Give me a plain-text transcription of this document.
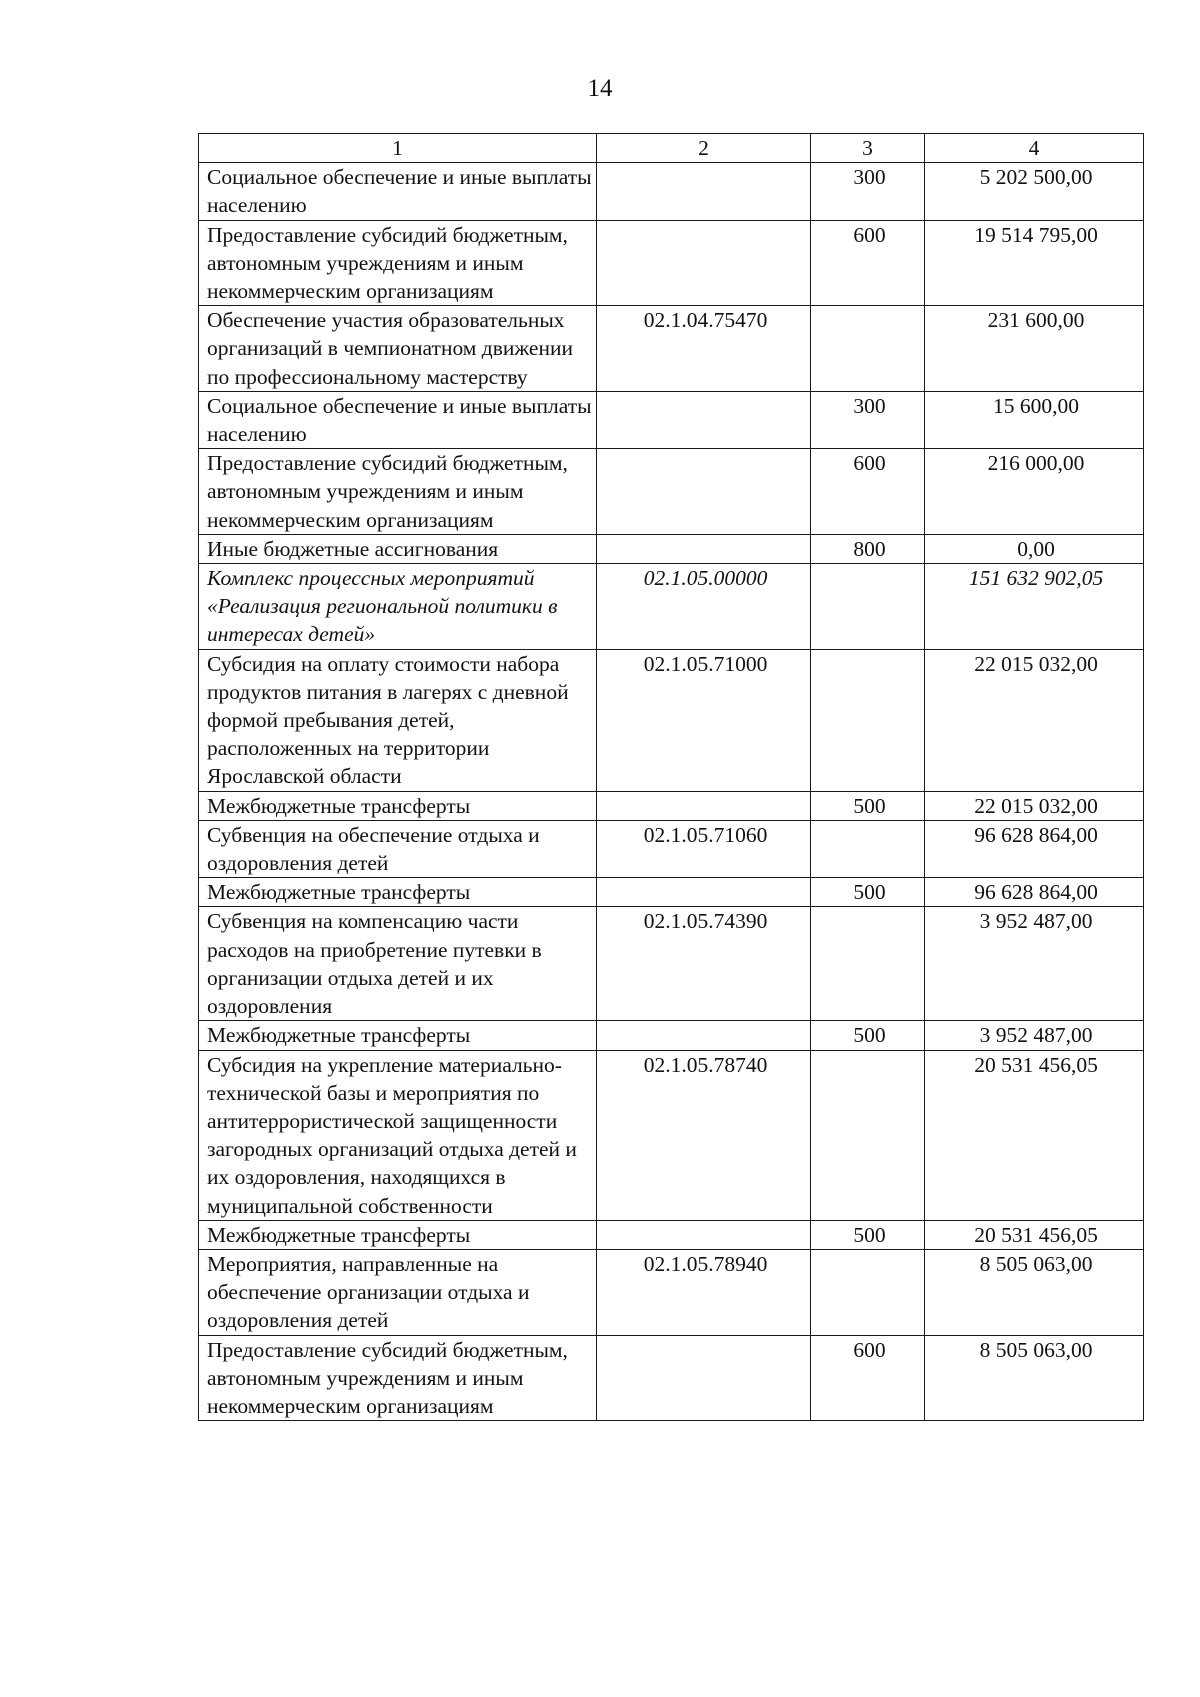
14
1	2	3	4
Социальное обеспечение и иные выплаты населению		300	5 202 500,00
Предоставление субсидий бюджетным, автономным учреждениям и иным некоммерческим организациям		600	19 514 795,00
Обеспечение участия образовательных организаций в чемпионатном движении по профессиональному мастерству	02.1.04.75470		231 600,00
Социальное обеспечение и иные выплаты населению		300	15 600,00
Предоставление субсидий бюджетным, автономным учреждениям и иным некоммерческим организациям		600	216 000,00
Иные бюджетные ассигнования		800	0,00
Комплекс процессных мероприятий «Реализация региональной политики в интересах детей»	02.1.05.00000		151 632 902,05
Субсидия на оплату стоимости набора продуктов питания в лагерях с дневной формой пребывания детей, расположенных на территории Ярославской области	02.1.05.71000		22 015 032,00
Межбюджетные трансферты		500	22 015 032,00
Субвенция на обеспечение отдыха и оздоровления детей	02.1.05.71060		96 628 864,00
Межбюджетные трансферты		500	96 628 864,00
Субвенция на компенсацию части расходов на приобретение путевки в организации отдыха детей и их оздоровления	02.1.05.74390		3 952 487,00
Межбюджетные трансферты		500	3 952 487,00
Субсидия на укрепление материально-технической базы и мероприятия по антитеррористической защищенности загородных организаций отдыха детей и их оздоровления, находящихся в муниципальной собственности	02.1.05.78740		20 531 456,05
Межбюджетные трансферты		500	20 531 456,05
Мероприятия, направленные на обеспечение организации отдыха и оздоровления детей	02.1.05.78940		8 505 063,00
Предоставление субсидий бюджетным, автономным учреждениям и иным некоммерческим организациям		600	8 505 063,00
